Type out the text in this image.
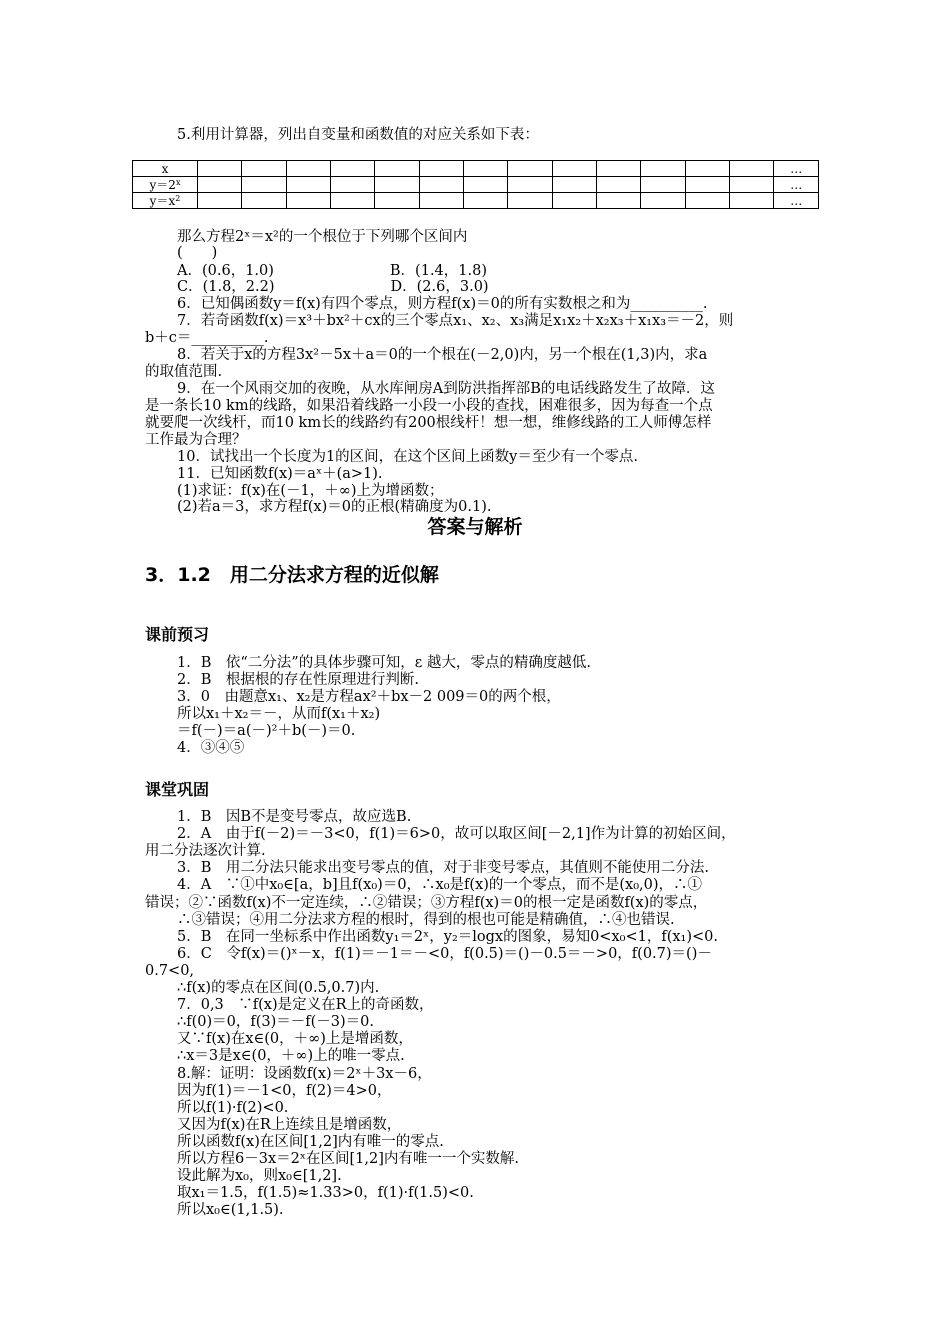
5.利用计算器，列出自变量和函数值的对应关系如下表：
x														…
$y=2^x$														…
$y=x^2$														…
那么方程2ˣ＝x²的一个根位于下列哪个区间内
(　　)
A．(0.6，1.0)　　　　　　　　B．(1.4，1.8)
C．(1.8，2.2)　　　　　　　　D．(2.6，3.0)
6．已知偶函数y＝f(x)有四个零点，则方程f(x)＝0的所有实数根之和为__________.
7．若奇函数f(x)＝x³＋bx²＋cx的三个零点x₁、x₂、x₃满足x₁x₂＋x₂x₃＋x₁x₃＝－2，则
b＋c＝__________.
8．若关于x的方程3x²－5x＋a＝0的一个根在(－2,0)内，另一个根在(1,3)内，求a
的取值范围.
9．在一个风雨交加的夜晚，从水库闸房A到防洪指挥部B的电话线路发生了故障．这
是一条长10 km的线路，如果沿着线路一小段一小段的查找，困难很多，因为每查一个点
就要爬一次线杆，而10 km长的线路约有200根线杆！想一想，维修线路的工人师傅怎样
工作最为合理？
10．试找出一个长度为1的区间，在这个区间上函数y＝至少有一个零点.
11．已知函数f(x)＝aˣ＋(a>1).
(1)求证：f(x)在(－1，＋∞)上为增函数；
(2)若a＝3，求方程f(x)＝0的正根(精确度为0.1).
答案与解析
3．1.2　用二分法求方程的近似解
课前预习
1．B　依“二分法”的具体步骤可知，ε 越大，零点的精确度越低.
2．B　根据根的存在性原理进行判断.
3．0　由题意x₁、x₂是方程ax²＋bx－2 009＝0的两个根，
所以x₁＋x₂＝－，从而f(x₁＋x₂)
＝f(－)＝a(－)²＋b(－)＝0.
4．③④⑤
课堂巩固
1．B　因B不是变号零点，故应选B.
2．A　由于f(－2)＝－3<0，f(1)＝6>0，故可以取区间[－2,1]作为计算的初始区间，
用二分法逐次计算.
3．B　用二分法只能求出变号零点的值，对于非变号零点，其值则不能使用二分法.
4．A　∵①中x₀∈[a，b]且f(x₀)＝0，∴x₀是f(x)的一个零点，而不是(x₀,0)，∴①
错误；②∵函数f(x)不一定连续，∴②错误；③方程f(x)＝0的根一定是函数f(x)的零点，
∴③错误；④用二分法求方程的根时，得到的根也可能是精确值，∴④也错误.
5．B　在同一坐标系中作出函数y₁＝2ˣ，y₂＝logx的图象，易知0<x₀<1，f(x₁)<0.
6．C　令f(x)＝()ˣ－x，f(1)＝－1＝－<0，f(0.5)＝()－0.5＝－>0，f(0.7)＝()－
0.7<0,
∴f(x)的零点在区间(0.5,0.7)内.
7．0,3　∵f(x)是定义在R上的奇函数，
∴f(0)＝0，f(3)＝－f(－3)＝0.
又∵f(x)在x∈(0，＋∞)上是增函数，
∴x＝3是x∈(0，＋∞)上的唯一零点.
8.解：证明：设函数f(x)＝2ˣ＋3x－6，
因为f(1)＝－1<0，f(2)＝4>0，
所以f(1)·f(2)<0.
又因为f(x)在R上连续且是增函数，
所以函数f(x)在区间[1,2]内有唯一的零点.
所以方程6－3x＝2ˣ在区间[1,2]内有唯一一个实数解.
设此解为x₀，则x₀∈[1,2].
取x₁＝1.5，f(1.5)≈1.33>0，f(1)·f(1.5)<0.
所以x₀∈(1,1.5).
